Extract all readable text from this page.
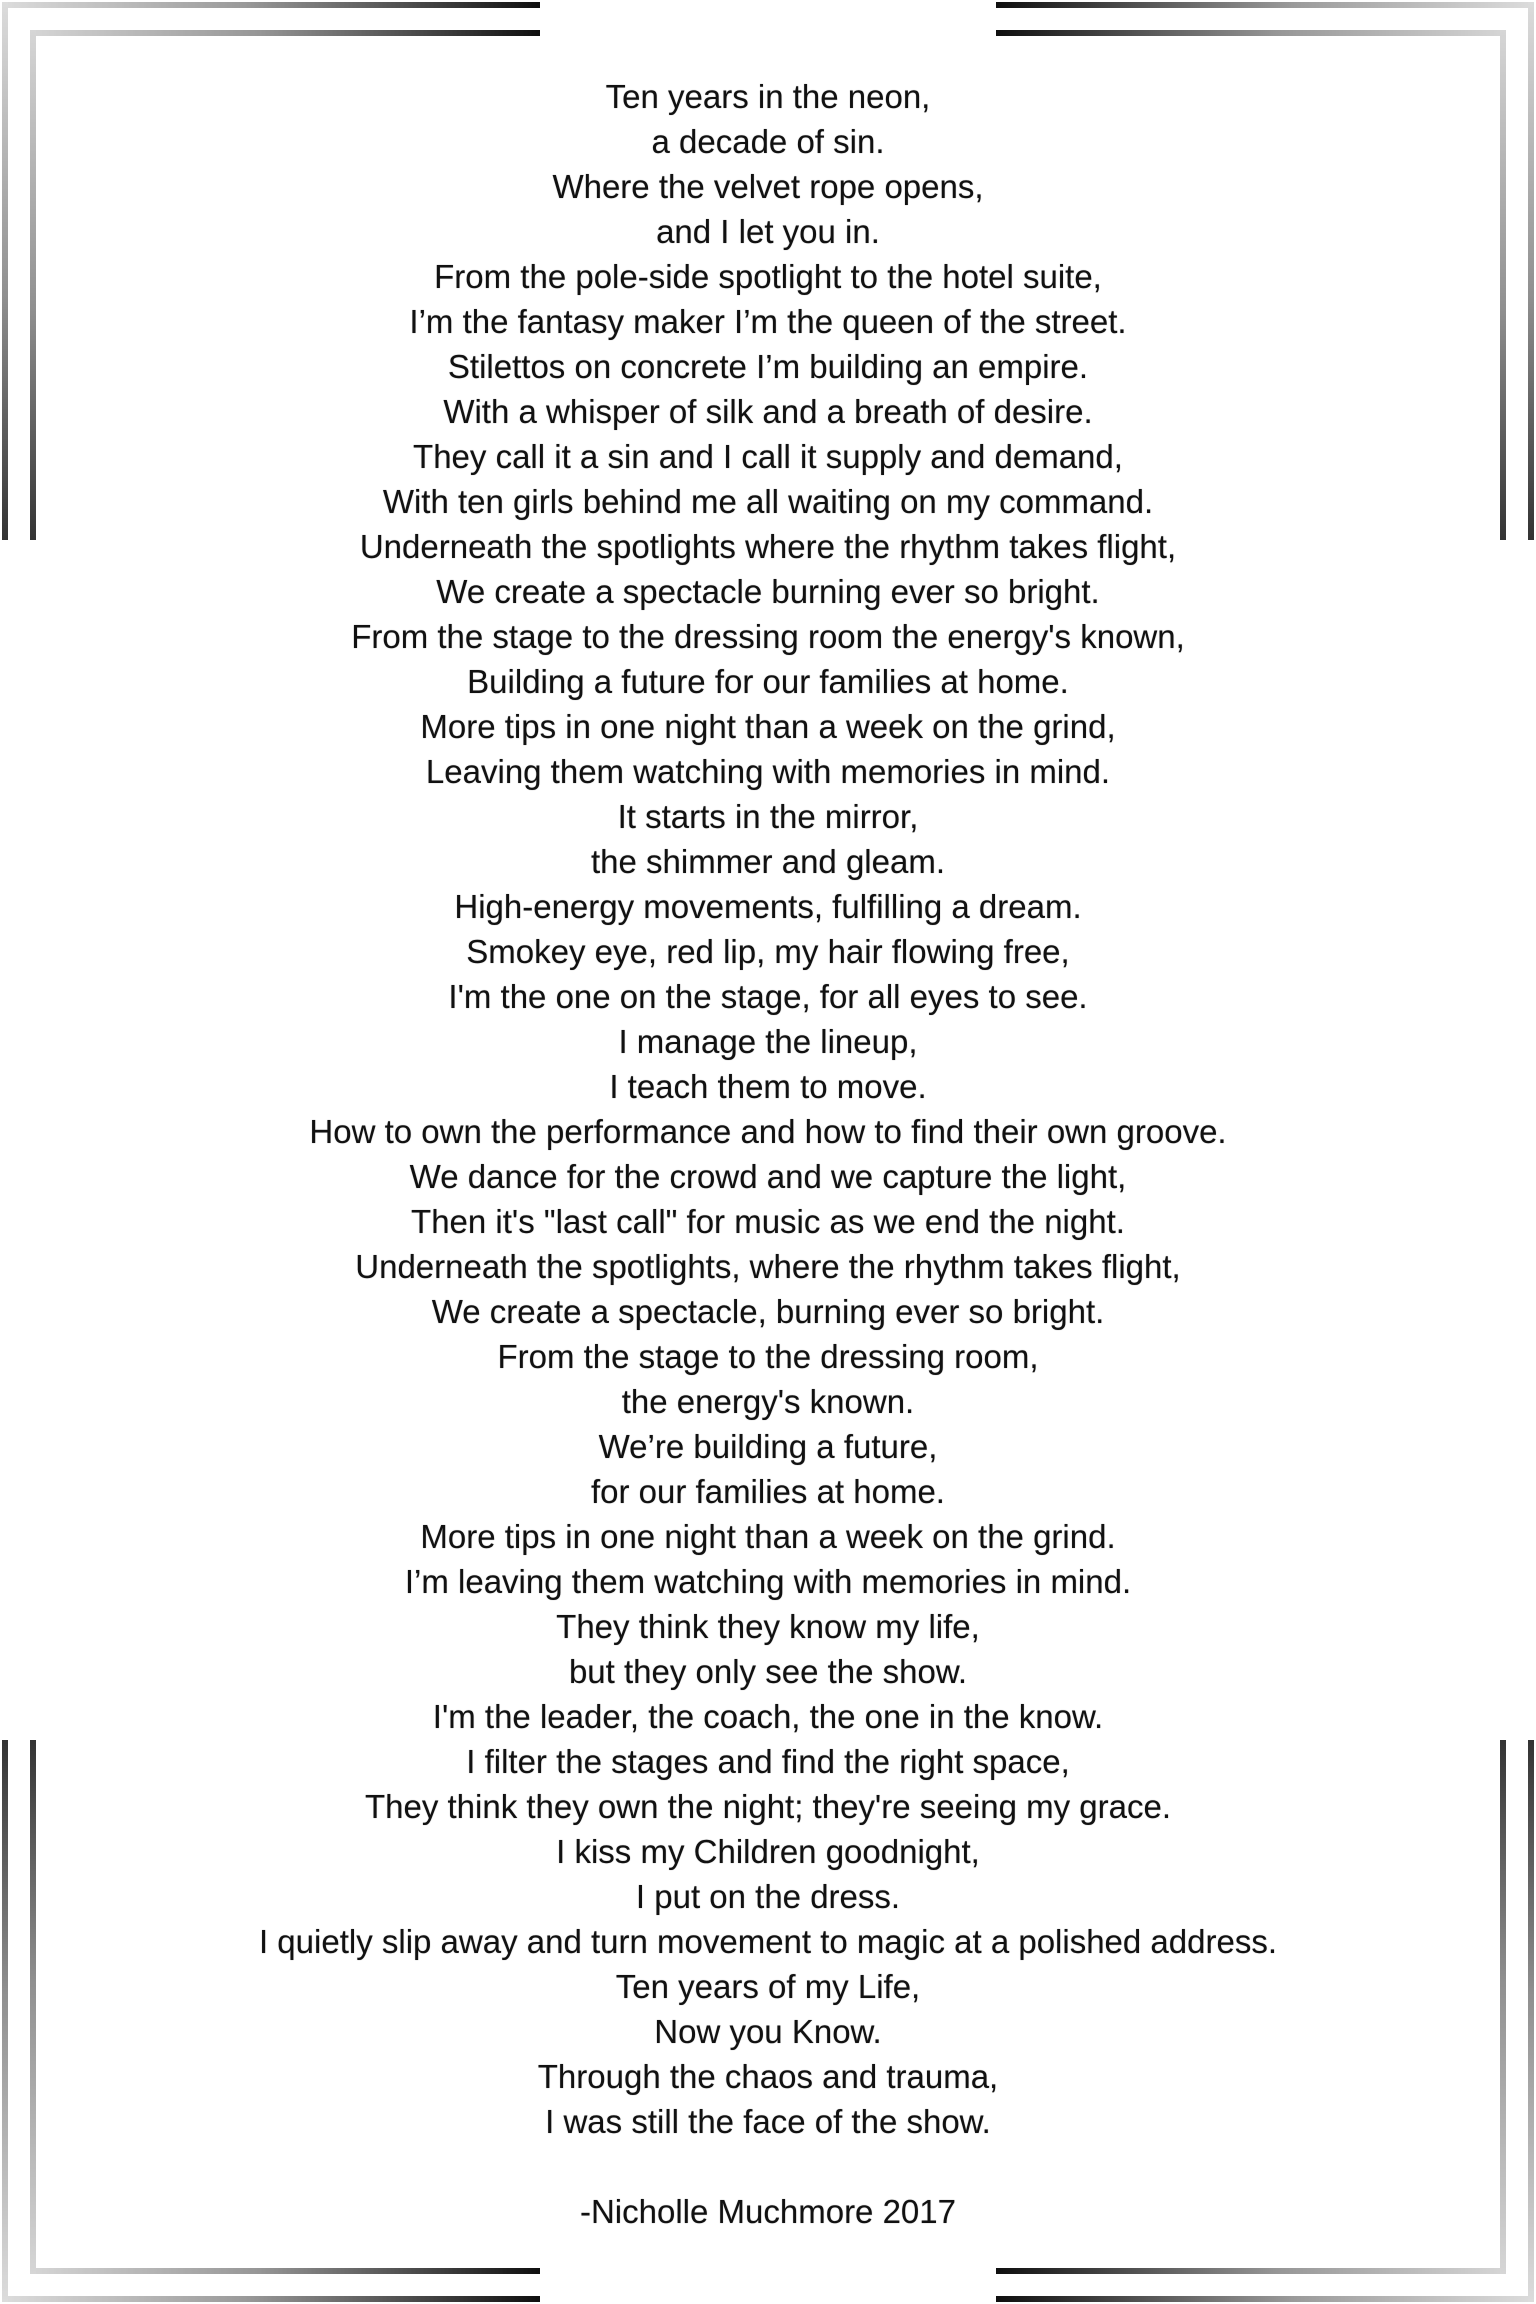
Ten years in the neon,
a decade of sin.
Where the velvet rope opens,
and I let you in.
From the pole-side spotlight to the hotel suite,
I’m the fantasy maker I’m the queen of the street.
Stilettos on concrete I’m building an empire.
With a whisper of silk and a breath of desire.
They call it a sin and I call it supply and demand,
With ten girls behind me all waiting on my command.
Underneath the spotlights where the rhythm takes flight,
We create a spectacle burning ever so bright.
From the stage to the dressing room the energy's known,
Building a future for our families at home.
More tips in one night than a week on the grind,
Leaving them watching with memories in mind.
It starts in the mirror,
the shimmer and gleam.
High-energy movements, fulfilling a dream.
Smokey eye, red lip, my hair flowing free,
I'm the one on the stage, for all eyes to see.
I manage the lineup,
I teach them to move.
How to own the performance and how to find their own groove.
We dance for the crowd and we capture the light,
Then it's "last call" for music as we end the night.
Underneath the spotlights, where the rhythm takes flight,
We create a spectacle, burning ever so bright.
From the stage to the dressing room,
the energy's known.
We’re building a future,
for our families at home.
More tips in one night than a week on the grind.
I’m leaving them watching with memories in mind.
They think they know my life,
but they only see the show.
I'm the leader, the coach, the one in the know.
I filter the stages and find the right space,
They think they own the night; they're seeing my grace.
I kiss my Children goodnight,
I put on the dress.
I quietly slip away and turn movement to magic at a polished address.
Ten years of my Life,
Now you Know.
Through the chaos and trauma,
I was still the face of the show.
-Nicholle Muchmore 2017
